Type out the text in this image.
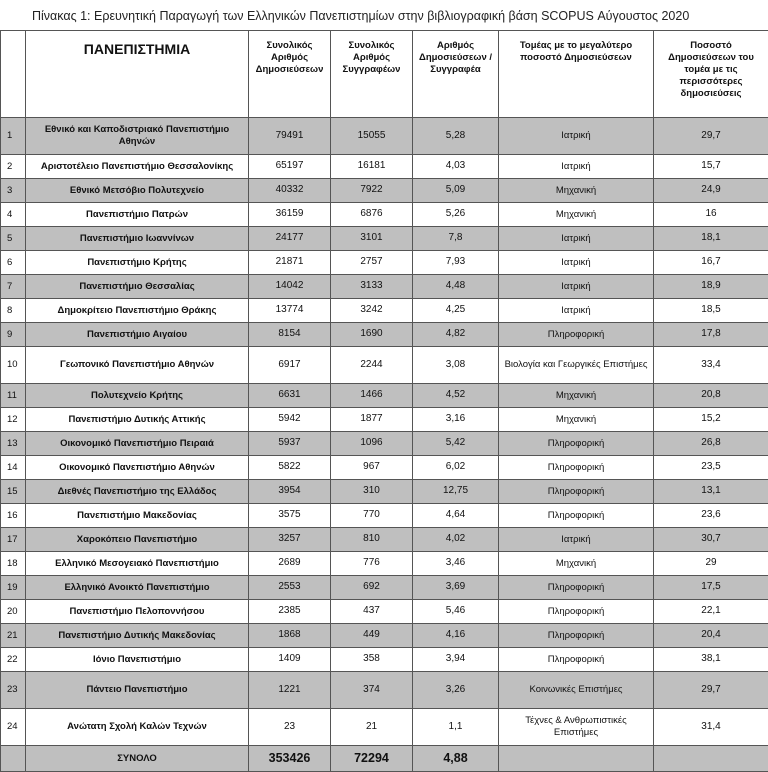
Πίνακας 1: Ερευνητική Παραγωγή των Ελληνικών Πανεπιστημίων στην βιβλιογραφική βάση SCOPUS Αύγουστος 2020
	ΠΑΝΕΠΙΣΤΗΜΙΑ	Συνολικός Αριθμός Δημοσιεύσεων	Συνολικός Αριθμός Συγγραφέων	Αριθμός Δημοσιεύσεων /Συγγραφέα	Τομέας με το μεγαλύτερο ποσοστό Δημοσιεύσεων	Ποσοστό Δημοσιεύσεων του τομέα με τις περισσότερες δημοσιεύσεις
1	Εθνικό και Καποδιστριακό Πανεπιστήμιο Αθηνών	79491	15055	5,28	Ιατρική	29,7
2	Αριστοτέλειο Πανεπιστήμιο Θεσσαλονίκης	65197	16181	4,03	Ιατρική	15,7
3	Εθνικό Μετσόβιο Πολυτεχνείο	40332	7922	5,09	Μηχανική	24,9
4	Πανεπιστήμιο Πατρών	36159	6876	5,26	Μηχανική	16
5	Πανεπιστήμιο Ιωαννίνων	24177	3101	7,8	Ιατρική	18,1
6	Πανεπιστήμιο Κρήτης	21871	2757	7,93	Ιατρική	16,7
7	Πανεπιστήμιο Θεσσαλίας	14042	3133	4,48	Ιατρική	18,9
8	Δημοκρίτειο Πανεπιστήμιο Θράκης	13774	3242	4,25	Ιατρική	18,5
9	Πανεπιστήμιο Αιγαίου	8154	1690	4,82	Πληροφορική	17,8
10	Γεωπονικό Πανεπιστήμιο Αθηνών	6917	2244	3,08	Βιολογία και Γεωργικές Επιστήμες	33,4
11	Πολυτεχνείο Κρήτης	6631	1466	4,52	Μηχανική	20,8
12	Πανεπιστήμιο Δυτικής Αττικής	5942	1877	3,16	Μηχανική	15,2
13	Οικονομικό Πανεπιστήμιο Πειραιά	5937	1096	5,42	Πληροφορική	26,8
14	Οικονομικό Πανεπιστήμιο Αθηνών	5822	967	6,02	Πληροφορική	23,5
15	Διεθνές Πανεπιστήμιο της Ελλάδος	3954	310	12,75	Πληροφορική	13,1
16	Πανεπιστήμιο Μακεδονίας	3575	770	4,64	Πληροφορική	23,6
17	Χαροκόπειο Πανεπιστήμιο	3257	810	4,02	Ιατρική	30,7
18	Ελληνικό Μεσογειακό Πανεπιστήμιο	2689	776	3,46	Μηχανική	29
19	Ελληνικό Ανοικτό Πανεπιστήμιο	2553	692	3,69	Πληροφορική	17,5
20	Πανεπιστήμιο Πελοποννήσου	2385	437	5,46	Πληροφορική	22,1
21	Πανεπιστήμιο Δυτικής Μακεδονίας	1868	449	4,16	Πληροφορική	20,4
22	Ιόνιο Πανεπιστήμιο	1409	358	3,94	Πληροφορική	38,1
23	Πάντειο Πανεπιστήμιο	1221	374	3,26	Κοινωνικές Επιστήμες	29,7
24	Ανώτατη Σχολή Καλών Τεχνών	23	21	1,1	Τέχνες & Ανθρωπιστικές Επιστήμες	31,4
	ΣΥΝΟΛΟ	353426	72294	4,88		
